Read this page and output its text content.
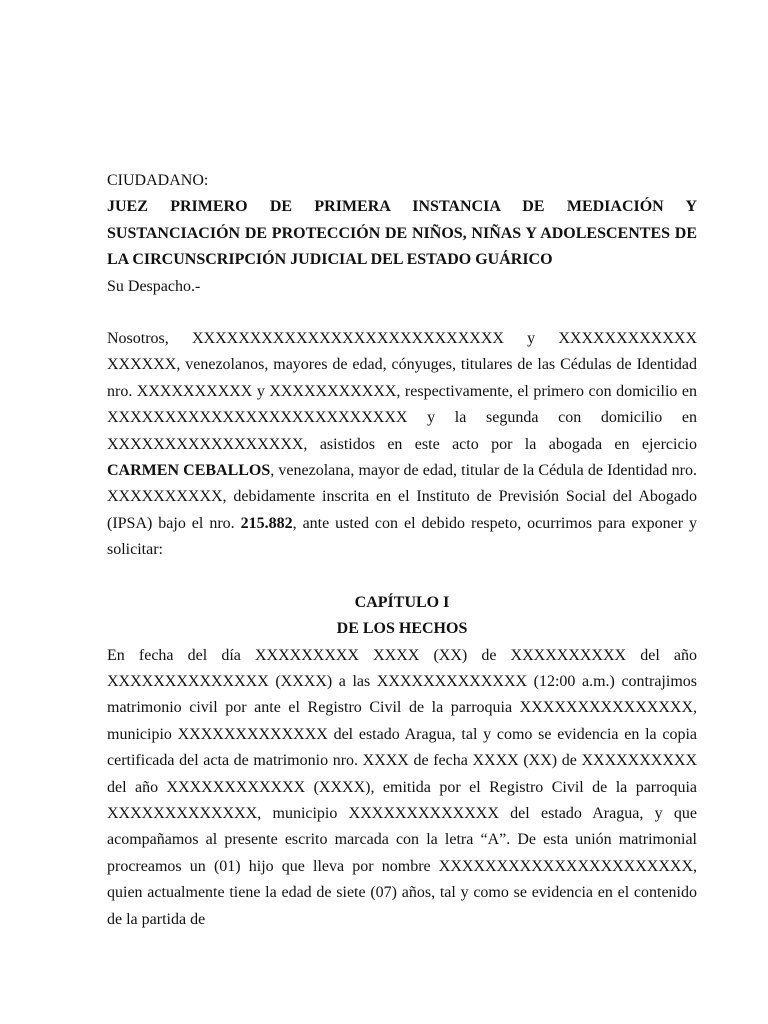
CIUDADANO:

JUEZ PRIMERO DE PRIMERA INSTANCIA DE MEDIACIÓN Y SUSTANCIACIÓN DE PROTECCIÓN DE NIÑOS, NIÑAS Y ADOLESCENTES DE LA CIRCUNSCRIPCIÓN JUDICIAL DEL ESTADO GUÁRICO

Su Despacho.-

Nosotros, XXXXXXXXXXXXXXXXXXXXXXXXXXX y XXXXXXXXXXXX XXXXXX, venezolanos, mayores de edad, cónyuges, titulares de las Cédulas de Identidad nro. XXXXXXXXXX y XXXXXXXXXXX, respectivamente, el primero con domicilio en XXXXXXXXXXXXXXXXXXXXXXXXXX y la segunda con domicilio en XXXXXXXXXXXXXXXXX, asistidos en este acto por la abogada en ejercicio CARMEN CEBALLOS, venezolana, mayor de edad, titular de la Cédula de Identidad nro. XXXXXXXXXX, debidamente inscrita en el Instituto de Previsión Social del Abogado (IPSA) bajo el nro. 215.882, ante usted con el debido respeto, ocurrimos para exponer y solicitar:

CAPÍTULO I

DE LOS HECHOS

En fecha del día XXXXXXXXX XXXX (XX) de XXXXXXXXXX del año XXXXXXXXXXXXXX (XXXX) a las XXXXXXXXXXXXX (12:00 a.m.) contrajimos matrimonio civil por ante el Registro Civil de la parroquia XXXXXXXXXXXXXXX, municipio XXXXXXXXXXXXX del estado Aragua, tal y como se evidencia en la copia certificada del acta de matrimonio nro. XXXX de fecha XXXX (XX) de XXXXXXXXXX del año XXXXXXXXXXXX (XXXX), emitida por el Registro Civil de la parroquia XXXXXXXXXXXXX, municipio XXXXXXXXXXXXX del estado Aragua, y que acompañamos al presente escrito marcada con la letra “A”. De esta unión matrimonial procreamos un (01) hijo que lleva por nombre XXXXXXXXXXXXXXXXXXXXXX, quien actualmente tiene la edad de siete (07) años, tal y como se evidencia en el contenido de la partida de
